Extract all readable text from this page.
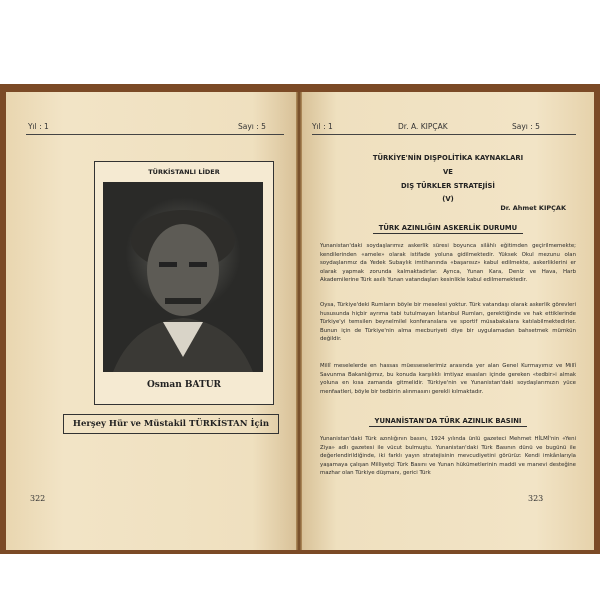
Yıl : 1	Sayı : 5
TÜRKİSTANLI LİDER
Osman BATUR
Herşey Hür ve Müstakil TÜRKİSTAN İçin
322
Yıl : 1	Dr. A. KIPÇAK	Sayı : 5
TÜRKİYE'NİN DIŞPOLİTİKA KAYNAKLARI
VE
DIŞ TÜRKLER STRATEJİSİ
(V)
Dr. Ahmet KIPÇAK
TÜRK AZINLIĞIN ASKERLİK DURUMU
Yunanistan'daki soydaşlarımız askerlik süresi boyunca silâhlı eğitimden geçirilmemekte; kendilerinden «amele» olarak istifade yoluna gidilmektedir. Yüksek Okul mezunu olan soydaşlarımız da Yedek Subaylık imtihanında «başarısız» kabul edilmekte, askerliklerini er olarak yapmak zorunda kalmaktadırlar. Ayrıca, Yunan Kara, Deniz ve Hava, Harb Akademilerine Türk asıllı Yunan vatandaşları kesinlikle kabul edilmemektedir.
Oysa, Türkiye'deki Rumların böyle bir meselesi yoktur. Türk vatandaşı olarak askerlik görevleri hususunda hiçbir ayrıma tabi tutulmayan İstanbul Rumları, gerektiğinde ve hak ettiklerinde Türkiye'yi temsilen beynelmilel konferanslara ve sportif müsabakalara katılabilmektedirler. Bunun için de Türkiye'nin alma mecburiyeti diye bir uygulamadan bahsetmek mümkün değildir.
Millî meselelerde en hassas müesseselerimiz arasında yer alan Genel Kurmayımız ve Millî Savunma Bakanlığımız, bu konuda karşılıklı imtiyaz esasları içinde gereken «tedbir»i almak yoluna en kısa zamanda gitmelidir. Türkiye'nin ve Yunanistan'daki soydaşlarımızın yüce menfaatleri, böyle bir tedbirin alınmasını gerekli kılmaktadır.
YUNANİSTAN'DA TÜRK AZINLIK BASINI
Yunanistan'daki Türk azınlığının basını, 1924 yılında ünlü gazeteci Mehmet HİLMİ'nin «Yeni Ziya» adlı gazetesi ile vücut bulmuştu. Yunanistan'daki Türk Basının dünü ve bugünü ile değerlendirildiğinde, iki farklı yayın stratejisinin mevcudiyetini görürüz: Kendi imkânlarıyla yaşamaya çalışan Milliyetçi Türk Basını ve Yunan hükümetlerinin maddi ve manevi desteğine mazhar olan Türkiye düşmanı, gerici Türk
323
